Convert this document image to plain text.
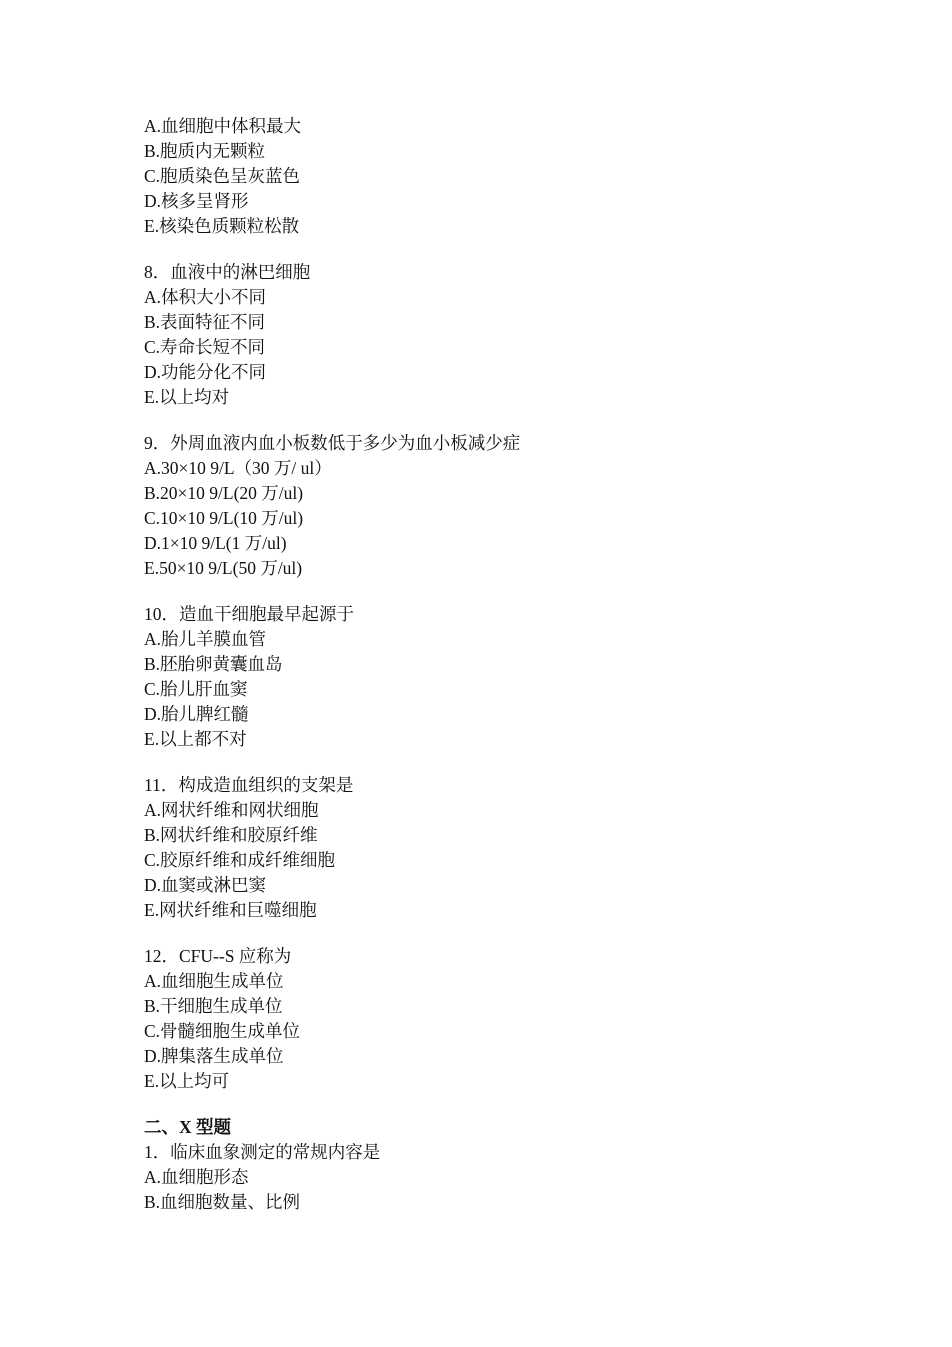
A.血细胞中体积最大
B.胞质内无颗粒
C.胞质染色呈灰蓝色
D.核多呈肾形
E.核染色质颗粒松散
8．血液中的淋巴细胞
A.体积大小不同
B.表面特征不同
C.寿命长短不同
D.功能分化不同
E.以上均对
9．外周血液内血小板数低于多少为血小板减少症
A.30×10 9/L（30 万/ ul）
B.20×10 9/L(20 万/ul)
C.10×10 9/L(10 万/ul)
D.1×10 9/L(1 万/ul)
E.50×10 9/L(50 万/ul)
10．造血干细胞最早起源于
A.胎儿羊膜血管
B.胚胎卵黄囊血岛
C.胎儿肝血窦
D.胎儿脾红髓
E.以上都不对
11．构成造血组织的支架是
A.网状纤维和网状细胞
B.网状纤维和胶原纤维
C.胶原纤维和成纤维细胞
D.血窦或淋巴窦
E.网状纤维和巨噬细胞
12．CFU--S 应称为
A.血细胞生成单位
B.干细胞生成单位
C.骨髓细胞生成单位
D.脾集落生成单位
E.以上均可
二、X 型题
1．临床血象测定的常规内容是
A.血细胞形态
B.血细胞数量、比例
